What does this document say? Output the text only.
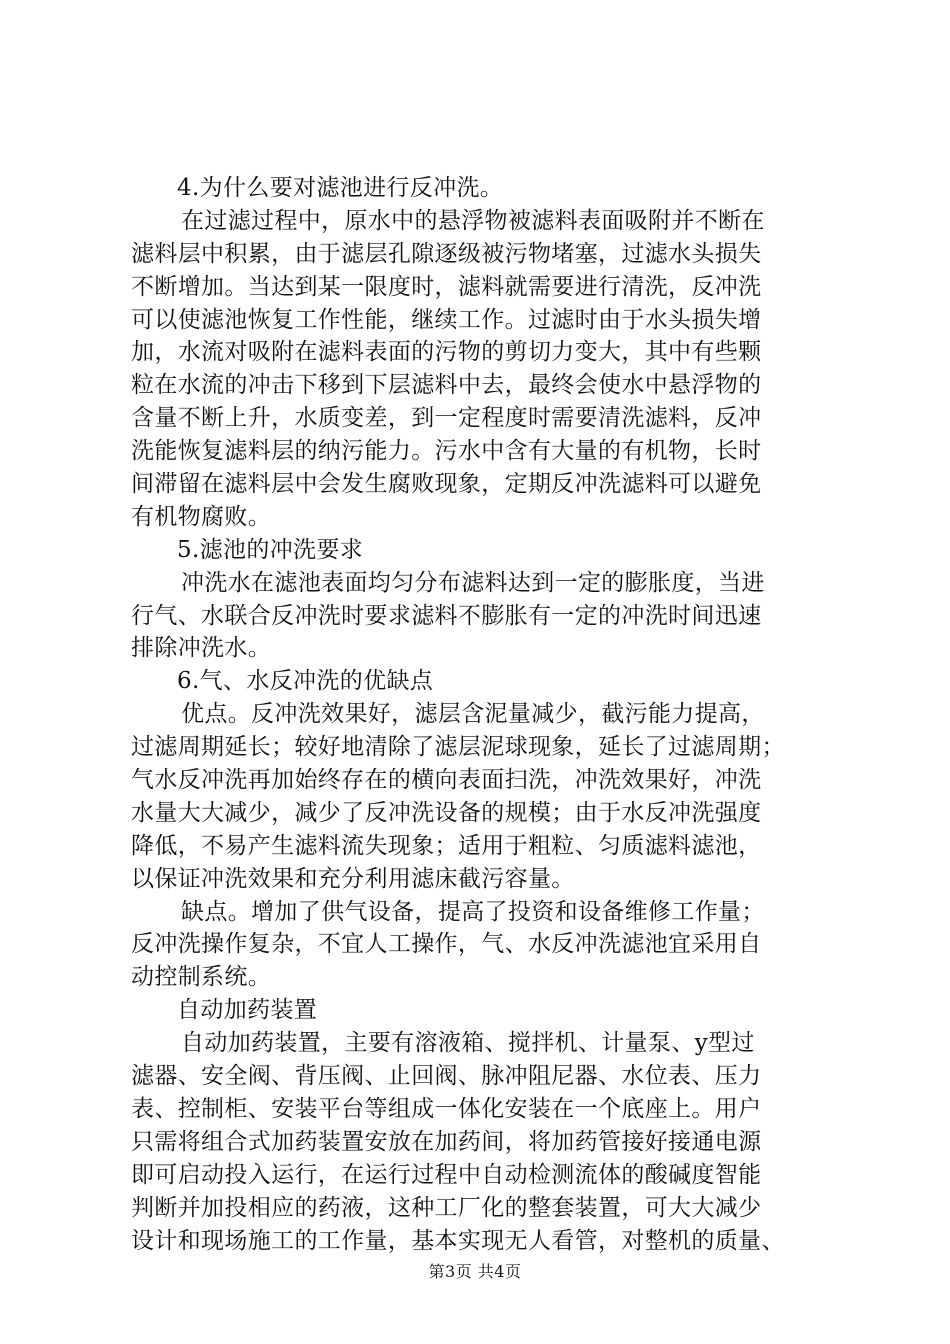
4.为什么要对滤池进行反冲洗。
在过滤过程中，原水中的悬浮物被滤料表面吸附并不断在
滤料层中积累，由于滤层孔隙逐级被污物堵塞，过滤水头损失
不断增加。当达到某一限度时，滤料就需要进行清洗，反冲洗
可以使滤池恢复工作性能，继续工作。过滤时由于水头损失增
加，水流对吸附在滤料表面的污物的剪切力变大，其中有些颗
粒在水流的冲击下移到下层滤料中去，最终会使水中悬浮物的
含量不断上升，水质变差，到一定程度时需要清洗滤料，反冲
洗能恢复滤料层的纳污能力。污水中含有大量的有机物，长时
间滞留在滤料层中会发生腐败现象，定期反冲洗滤料可以避免
有机物腐败。
5.滤池的冲洗要求
冲洗水在滤池表面均匀分布滤料达到一定的膨胀度，当进
行气、水联合反冲洗时要求滤料不膨胀有一定的冲洗时间迅速
排除冲洗水。
6.气、水反冲洗的优缺点
优点。反冲洗效果好，滤层含泥量减少，截污能力提高，
过滤周期延长；较好地清除了滤层泥球现象，延长了过滤周期；
气水反冲洗再加始终存在的横向表面扫洗，冲洗效果好，冲洗
水量大大减少，减少了反冲洗设备的规模；由于水反冲洗强度
降低，不易产生滤料流失现象；适用于粗粒、匀质滤料滤池，
以保证冲洗效果和充分利用滤床截污容量。
缺点。增加了供气设备，提高了投资和设备维修工作量；
反冲洗操作复杂，不宜人工操作，气、水反冲洗滤池宜采用自
动控制系统。
自动加药装置
自动加药装置，主要有溶液箱、搅拌机、计量泵、y型过
滤器、安全阀、背压阀、止回阀、脉冲阻尼器、水位表、压力
表、控制柜、安装平台等组成一体化安装在一个底座上。用户
只需将组合式加药装置安放在加药间，将加药管接好接通电源
即可启动投入运行，在运行过程中自动检测流体的酸碱度智能
判断并加投相应的药液，这种工厂化的整套装置，可大大减少
设计和现场施工的工作量，基本实现无人看管，对整机的质量、
第3页 共4页
